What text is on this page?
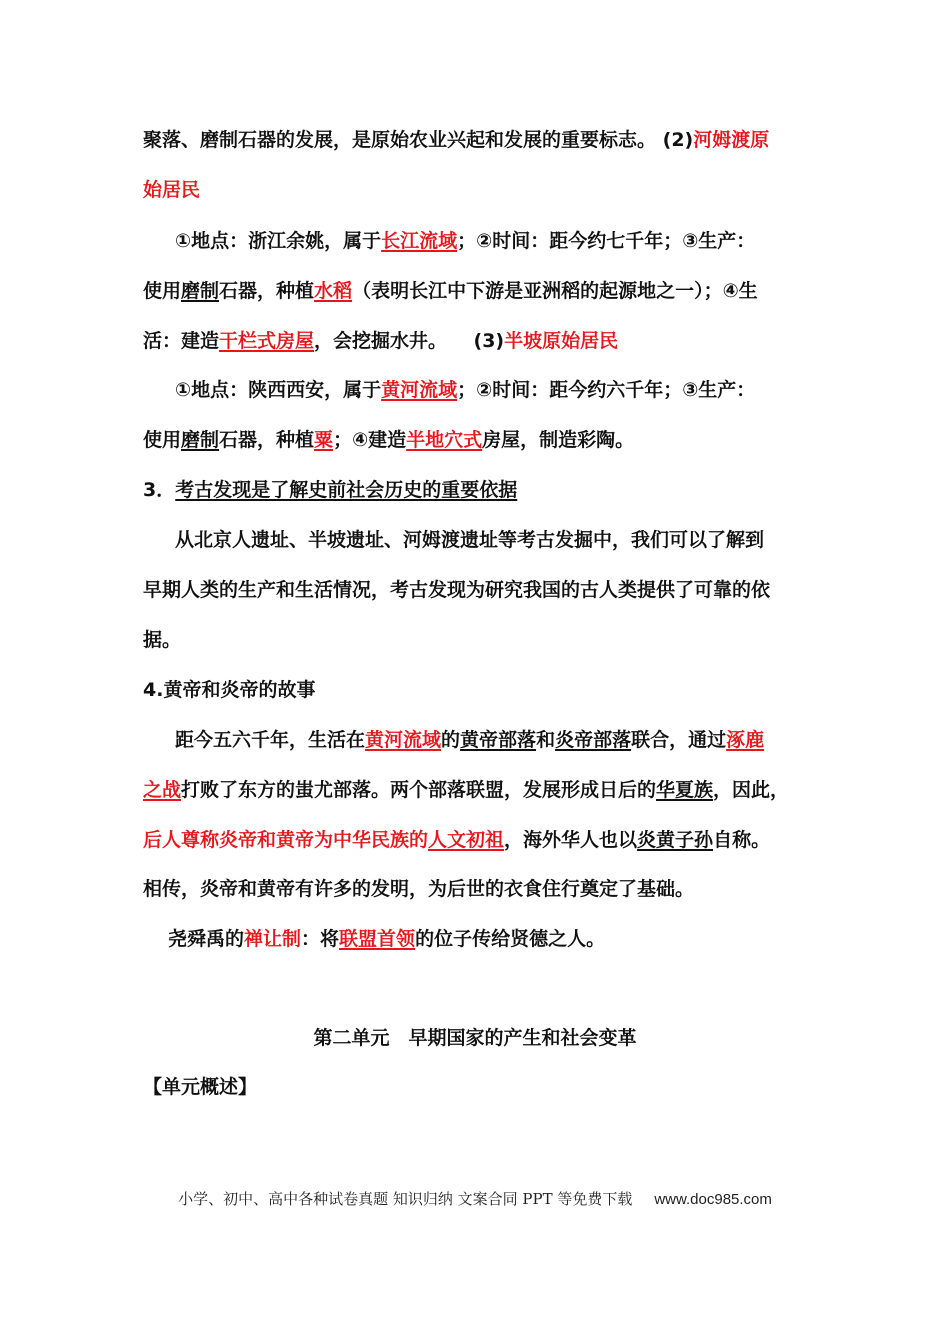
聚落、磨制石器的发展，是原始农业兴起和发展的重要标志。 (2)河姆渡原
始居民
①地点：浙江余姚，属于长江流域；②时间：距今约七千年；③生产：
使用磨制石器，种植水稻（表明长江中下游是亚洲稻的起源地之一）；④生
活：建造干栏式房屋，会挖掘水井。    (3)半坡原始居民
①地点：陕西西安，属于黄河流域；②时间：距今约六千年；③生产：
使用磨制石器，种植粟；④建造半地穴式房屋，制造彩陶。
3．考古发现是了解史前社会历史的重要依据
从北京人遗址、半坡遗址、河姆渡遗址等考古发掘中，我们可以了解到
早期人类的生产和生活情况，考古发现为研究我国的古人类提供了可靠的依
据。
4.黄帝和炎帝的故事
距今五六千年，生活在黄河流域的黄帝部落和炎帝部落联合，通过涿鹿
之战打败了东方的蚩尤部落。两个部落联盟，发展形成日后的华夏族，因此，
后人尊称炎帝和黄帝为中华民族的人文初祖，海外华人也以炎黄子孙自称。
相传，炎帝和黄帝有许多的发明，为后世的衣食住行奠定了基础。
尧舜禹的禅让制：将联盟首领的位子传给贤德之人。
第二单元　早期国家的产生和社会变革
【单元概述】
小学、初中、高中各种试卷真题 知识归纳 文案合同 PPT 等免费下载 www.doc985.com
